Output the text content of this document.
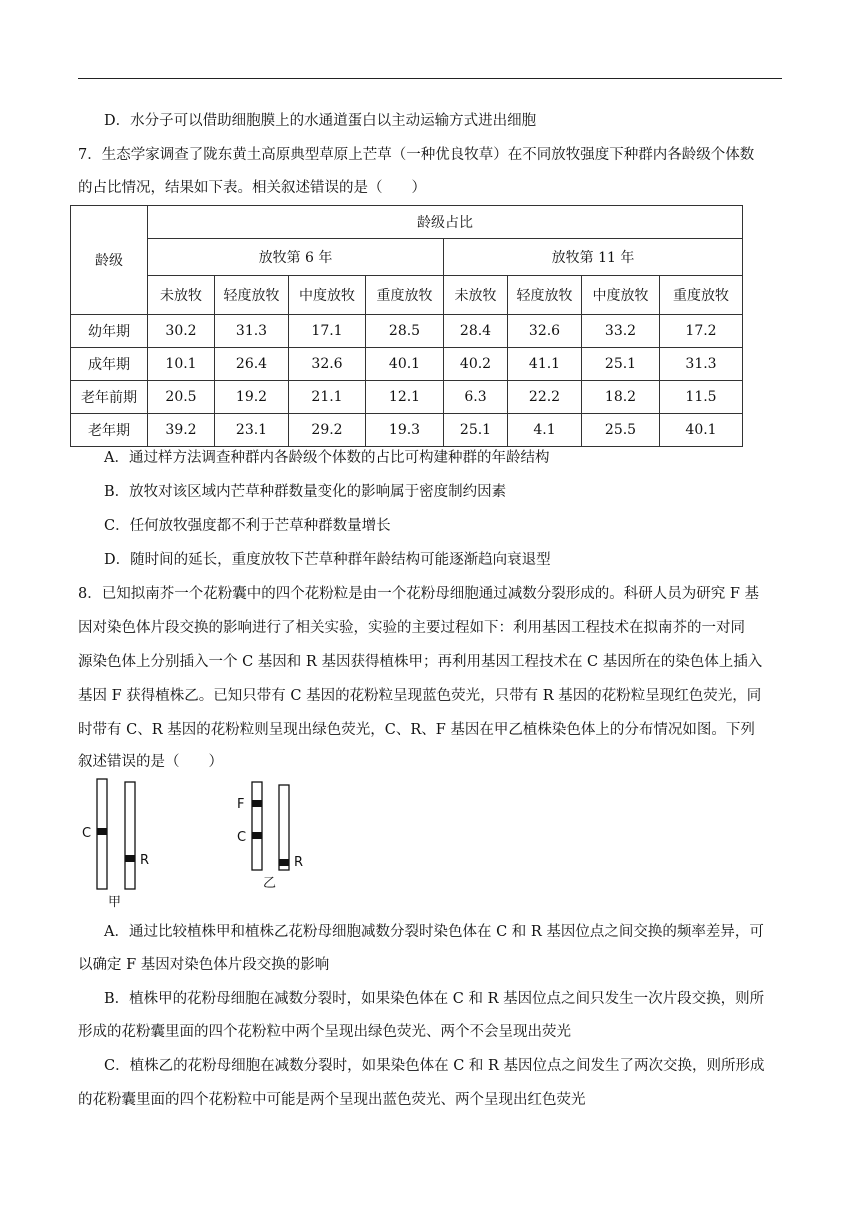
D．水分子可以借助细胞膜上的水通道蛋白以主动运输方式进出细胞
7．生态学家调查了陇东黄土高原典型草原上芒草（一种优良牧草）在不同放牧强度下种群内各龄级个体数
的占比情况，结果如下表。相关叙述错误的是（　　）
龄级	龄级占比							
	放牧第 6 年				放牧第 11 年			
	未放牧	轻度放牧	中度放牧	重度放牧	未放牧	轻度放牧	中度放牧	重度放牧
幼年期	30.2	31.3	17.1	28.5	28.4	32.6	33.2	17.2
成年期	10.1	26.4	32.6	40.1	40.2	41.1	25.1	31.3
老年前期	20.5	19.2	21.1	12.1	6.3	22.2	18.2	11.5
老年期	39.2	23.1	29.2	19.3	25.1	4.1	25.5	40.1
A．通过样方法调查种群内各龄级个体数的占比可构建种群的年龄结构
B．放牧对该区域内芒草种群数量变化的影响属于密度制约因素
C．任何放牧强度都不利于芒草种群数量增长
D．随时间的延长，重度放牧下芒草种群年龄结构可能逐渐趋向衰退型
8．已知拟南芥一个花粉囊中的四个花粉粒是由一个花粉母细胞通过减数分裂形成的。科研人员为研究 F 基
因对染色体片段交换的影响进行了相关实验，实验的主要过程如下：利用基因工程技术在拟南芥的一对同
源染色体上分别插入一个 C 基因和 R 基因获得植株甲；再利用基因工程技术在 C 基因所在的染色体上插入
基因 F 获得植株乙。已知只带有 C 基因的花粉粒呈现蓝色荧光，只带有 R 基因的花粉粒呈现红色荧光，同
时带有 C、R 基因的花粉粒则呈现出绿色荧光，C、R、F 基因在甲乙植株染色体上的分布情况如图。下列
叙述错误的是（　　）
C
R
甲
F
C
R
乙
A．通过比较植株甲和植株乙花粉母细胞减数分裂时染色体在 C 和 R 基因位点之间交换的频率差异，可
以确定 F 基因对染色体片段交换的影响
B．植株甲的花粉母细胞在减数分裂时，如果染色体在 C 和 R 基因位点之间只发生一次片段交换，则所
形成的花粉囊里面的四个花粉粒中两个呈现出绿色荧光、两个不会呈现出荧光
C．植株乙的花粉母细胞在减数分裂时，如果染色体在 C 和 R 基因位点之间发生了两次交换，则所形成
的花粉囊里面的四个花粉粒中可能是两个呈现出蓝色荧光、两个呈现出红色荧光
